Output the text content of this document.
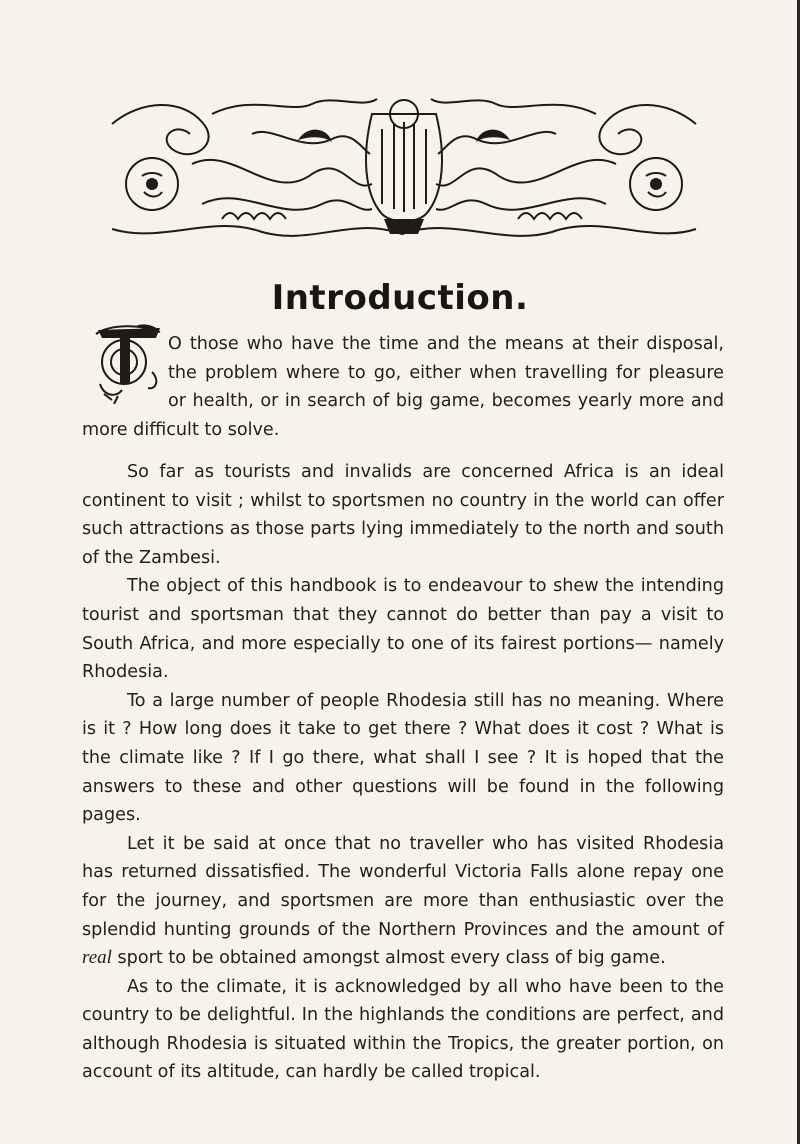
Introduction.

O those who have the time and the means at their disposal, the problem where to go, either when travelling for pleasure or health, or in search of big game, becomes yearly more and more difficult to solve.

So far as tourists and invalids are concerned Africa is an ideal continent to visit ; whilst to sportsmen no country in the world can offer such attractions as those parts lying immediately to the north and south of the Zambesi.

The object of this handbook is to endeavour to shew the intending tourist and sportsman that they cannot do better than pay a visit to South Africa, and more especially to one of its fairest portions— namely Rhodesia.

To a large number of people Rhodesia still has no meaning. Where is it ? How long does it take to get there ? What does it cost ? What is the climate like ? If I go there, what shall I see ? It is hoped that the answers to these and other questions will be found in the following pages.

Let it be said at once that no traveller who has visited Rhodesia has returned dissatisfied. The wonderful Victoria Falls alone repay one for the journey, and sportsmen are more than enthusiastic over the splendid hunting grounds of the Northern Provinces and the amount of real sport to be obtained amongst almost every class of big game.

As to the climate, it is acknowledged by all who have been to the country to be delightful. In the highlands the conditions are perfect, and although Rhodesia is situated within the Tropics, the greater portion, on account of its altitude, can hardly be called tropical.
